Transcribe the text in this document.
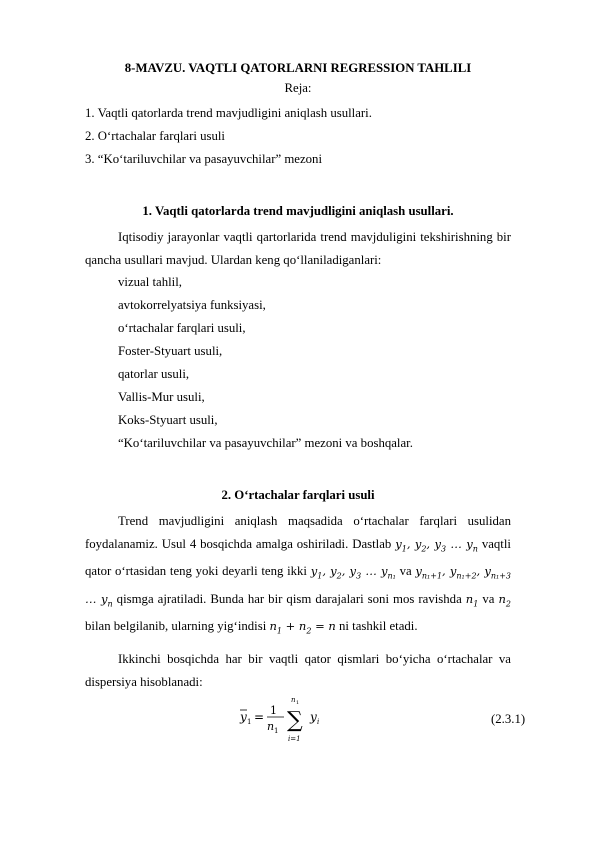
8-MAVZU. VAQTLI QATORLARNI REGRESSION TAHLILI
Reja:
1. Vaqtli qatorlarda trend mavjudligini aniqlash usullari.
2. O‘rtachalar farqlari usuli
3. “Ko‘tariluvchilar va pasayuvchilar” mezoni
1. Vaqtli qatorlarda trend mavjudligini aniqlash usullari.
Iqtisodiy jarayonlar vaqtli qartorlarida trend mavjduligini tekshirishning bir qancha usullari mavjud. Ulardan keng qo‘llaniladiganlari:
vizual tahlil,
avtokorrelyatsiya funksiyasi,
o‘rtachalar farqlari usuli,
Foster-Styuart usuli,
qatorlar usuli,
Vallis-Mur usuli,
Koks-Styuart usuli,
“Ko‘tariluvchilar va pasayuvchilar” mezoni va boshqalar.
2. O‘rtachalar farqlari usuli
Trend mavjudligini aniqlash maqsadida o‘rtachalar farqlari usulidan foydalanamiz. Usul 4 bosqichda amalga oshiriladi. Dastlab $y_1$, $y_2$, $y_3$ … $y_n$ vaqtli qator o‘rtasidan teng yoki deyarli teng ikki $y_1$, $y_2$, $y_3$ … $y_{n_1}$ va $y_{n_1+1}$, $y_{n_1+2}$, $y_{n_1+3}$ … $y_n$ qismga ajratiladi. Bunda har bir qism darajalari soni mos ravishda $n_1$ va $n_2$ bilan belgilanib, ularning yig‘indisi $n_1 + n_2 = n$ ni tashkil etadi.
Ikkinchi bosqichda har bir vaqtli qator qismlari bo‘yicha o‘rtachalar va dispersiya hisoblanadi:
y 1 = 1
n 1 ∑
n 1
i=1
y i	(2.3.1)
